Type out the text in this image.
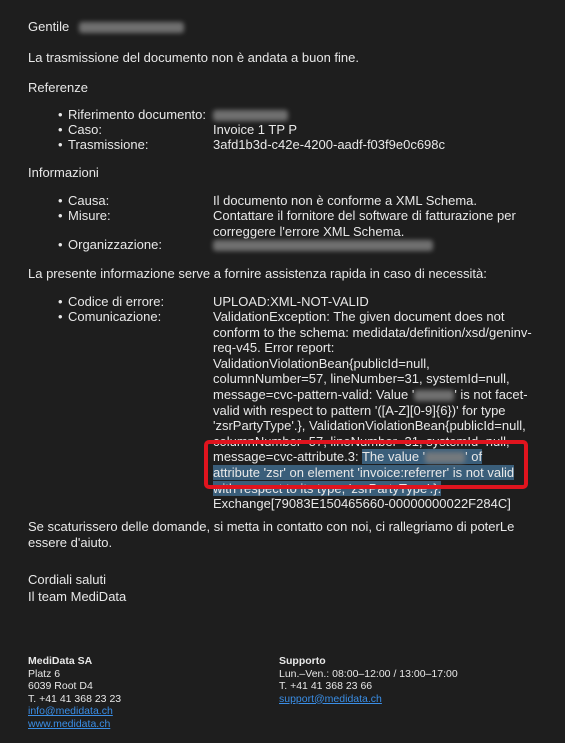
Gentile
La trasmissione del documento non è andata a buon fine.
Referenze
• Riferimento documento:
• Caso:	Invoice 1 TP P
• Trasmissione:	3afd1b3d-c42e-4200-aadf-f03f9e0c698c
Informazioni
• Causa:	Il documento non è conforme a XML Schema.
• Misure:	Contattare il fornitore del software di fatturazione per correggere l'errore XML Schema.
• Organizzazione:
La presente informazione serve a fornire assistenza rapida in caso di necessità:
• Codice di errore:	UPLOAD:XML-NOT-VALID
• Comunicazione:	ValidationException: The given document does not
conform to the schema: medidata/definition/xsd/geninv-
req-v45. Error report:
ValidationViolationBean{publicId=null,
columnNumber=57, lineNumber=31, systemId=null,
message=cvc-pattern-valid: Value '	' is not facet-
valid with respect to pattern '([A-Z][0-9]{6})' for type
'zsrPartyType'.}, ValidationViolationBean{publicId=null,
columnNumber=57, lineNumber=31, systemId=null,
message=cvc-attribute.3: The value '	' of
attribute 'zsr' on element 'invoice:referrer' is not valid
with respect to its type, 'zsrPartyType'.}.
Exchange[79083E150465660-00000000022F284C]
Se scaturissero delle domande, si metta in contatto con noi, ci rallegriamo di poterLe essere d'aiuto.
Cordiali saluti
Il team MediData
MediData SA
Platz 6
6039 Root D4
T. +41 41 368 23 23
info@medidata.ch
www.medidata.ch
Supporto
Lun.–Ven.: 08:00–12:00 / 13:00–17:00
T. +41 41 368 23 66
support@medidata.ch
